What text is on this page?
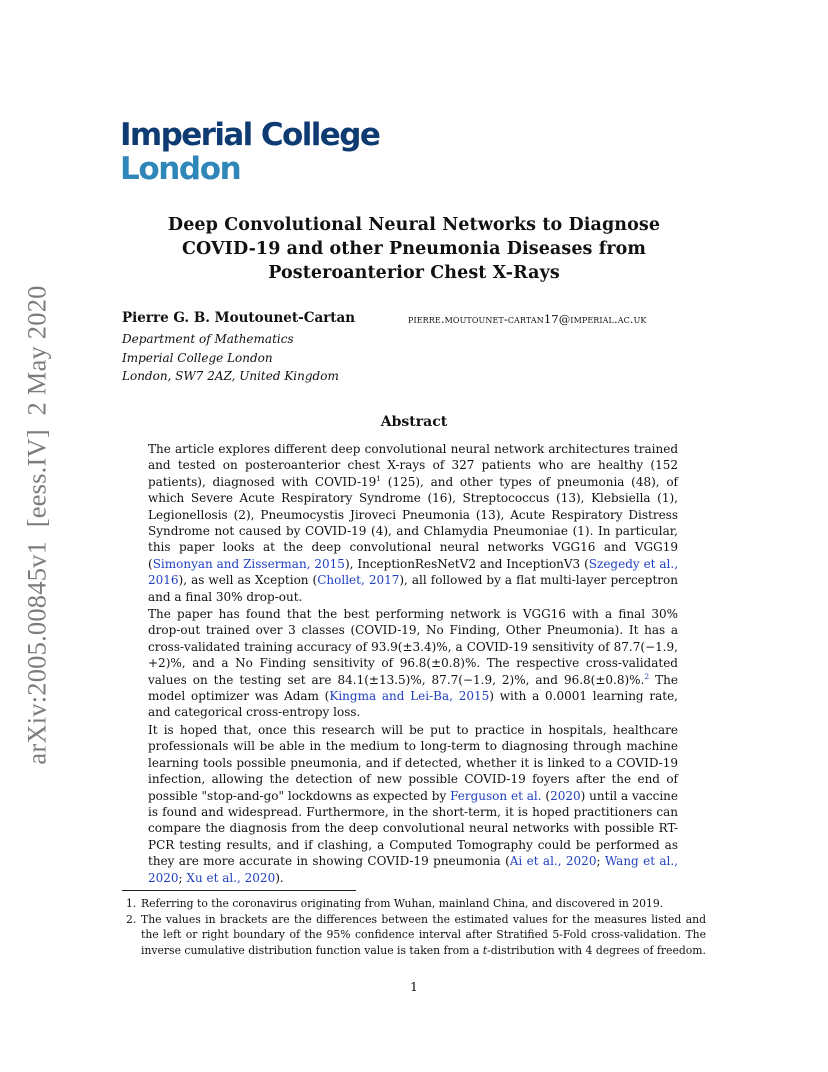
Imperial College
London
arXiv:2005.00845v1  [eess.IV]  2 May 2020
Deep Convolutional Neural Networks to Diagnose
COVID-19 and other Pneumonia Diseases from
Posteroanterior Chest X-Rays
Pierre G. B. Moutounet-Cartan	pierre.moutounet-cartan17@imperial.ac.uk
Department of Mathematics
Imperial College London
London, SW7 2AZ, United Kingdom
Abstract
The article explores different deep convolutional neural network architectures trained and tested on posteroanterior chest X-rays of 327 patients who are healthy (152 patients), diagnosed with COVID-$19^1$ (125), and other types of pneumonia (48), of which Severe Acute Respiratory Syndrome (16), Streptococcus (13), Klebsiella (1), Legionellosis (2), Pneumocystis Jiroveci Pneumonia (13), Acute Respiratory Distress Syndrome not caused by COVID-19 (4), and Chlamydia Pneumoniae (1). In particular, this paper looks at the deep convolutional neural networks VGG16 and VGG19 (Simonyan and Zisserman, 2015), InceptionResNetV2 and InceptionV3 (Szegedy et al., 2016), as well as Xception (Chollet, 2017), all followed by a flat multi-layer perceptron and a final 30% drop-out.
The paper has found that the best performing network is VGG16 with a final 30% drop-out trained over 3 classes (COVID-19, No Finding, Other Pneumonia). It has a cross-validated training accuracy of 93.9(±3.4)%, a COVID-19 sensitivity of 87.7(−1.9, +2)%, and a No Finding sensitivity of 96.8(±0.8)%. The respective cross-validated values on the testing set are 84.1(±13.5)%, 87.7(−1.9, 2)%, and 96.8(±0.8)%.$^2$ The model optimizer was Adam (Kingma and Lei-Ba, 2015) with a 0.0001 learning rate, and categorical cross-entropy loss.
It is hoped that, once this research will be put to practice in hospitals, healthcare professionals will be able in the medium to long-term to diagnosing through machine learning tools possible pneumonia, and if detected, whether it is linked to a COVID-19 infection, allowing the detection of new possible COVID-19 foyers after the end of possible "stop-and-go" lockdowns as expected by Ferguson et al. (2020) until a vaccine is found and widespread. Furthermore, in the short-term, it is hoped practitioners can compare the diagnosis from the deep convolutional neural networks with possible RT-PCR testing results, and if clashing, a Computed Tomography could be performed as they are more accurate in showing COVID-19 pneumonia (Ai et al., 2020; Wang et al., 2020; Xu et al., 2020).
1. Referring to the coronavirus originating from Wuhan, mainland China, and discovered in 2019.
2. The values in brackets are the differences between the estimated values for the measures listed and the left or right boundary of the 95% confidence interval after Stratified 5-Fold cross-validation. The inverse cumulative distribution function value is taken from a t-distribution with 4 degrees of freedom.
1
